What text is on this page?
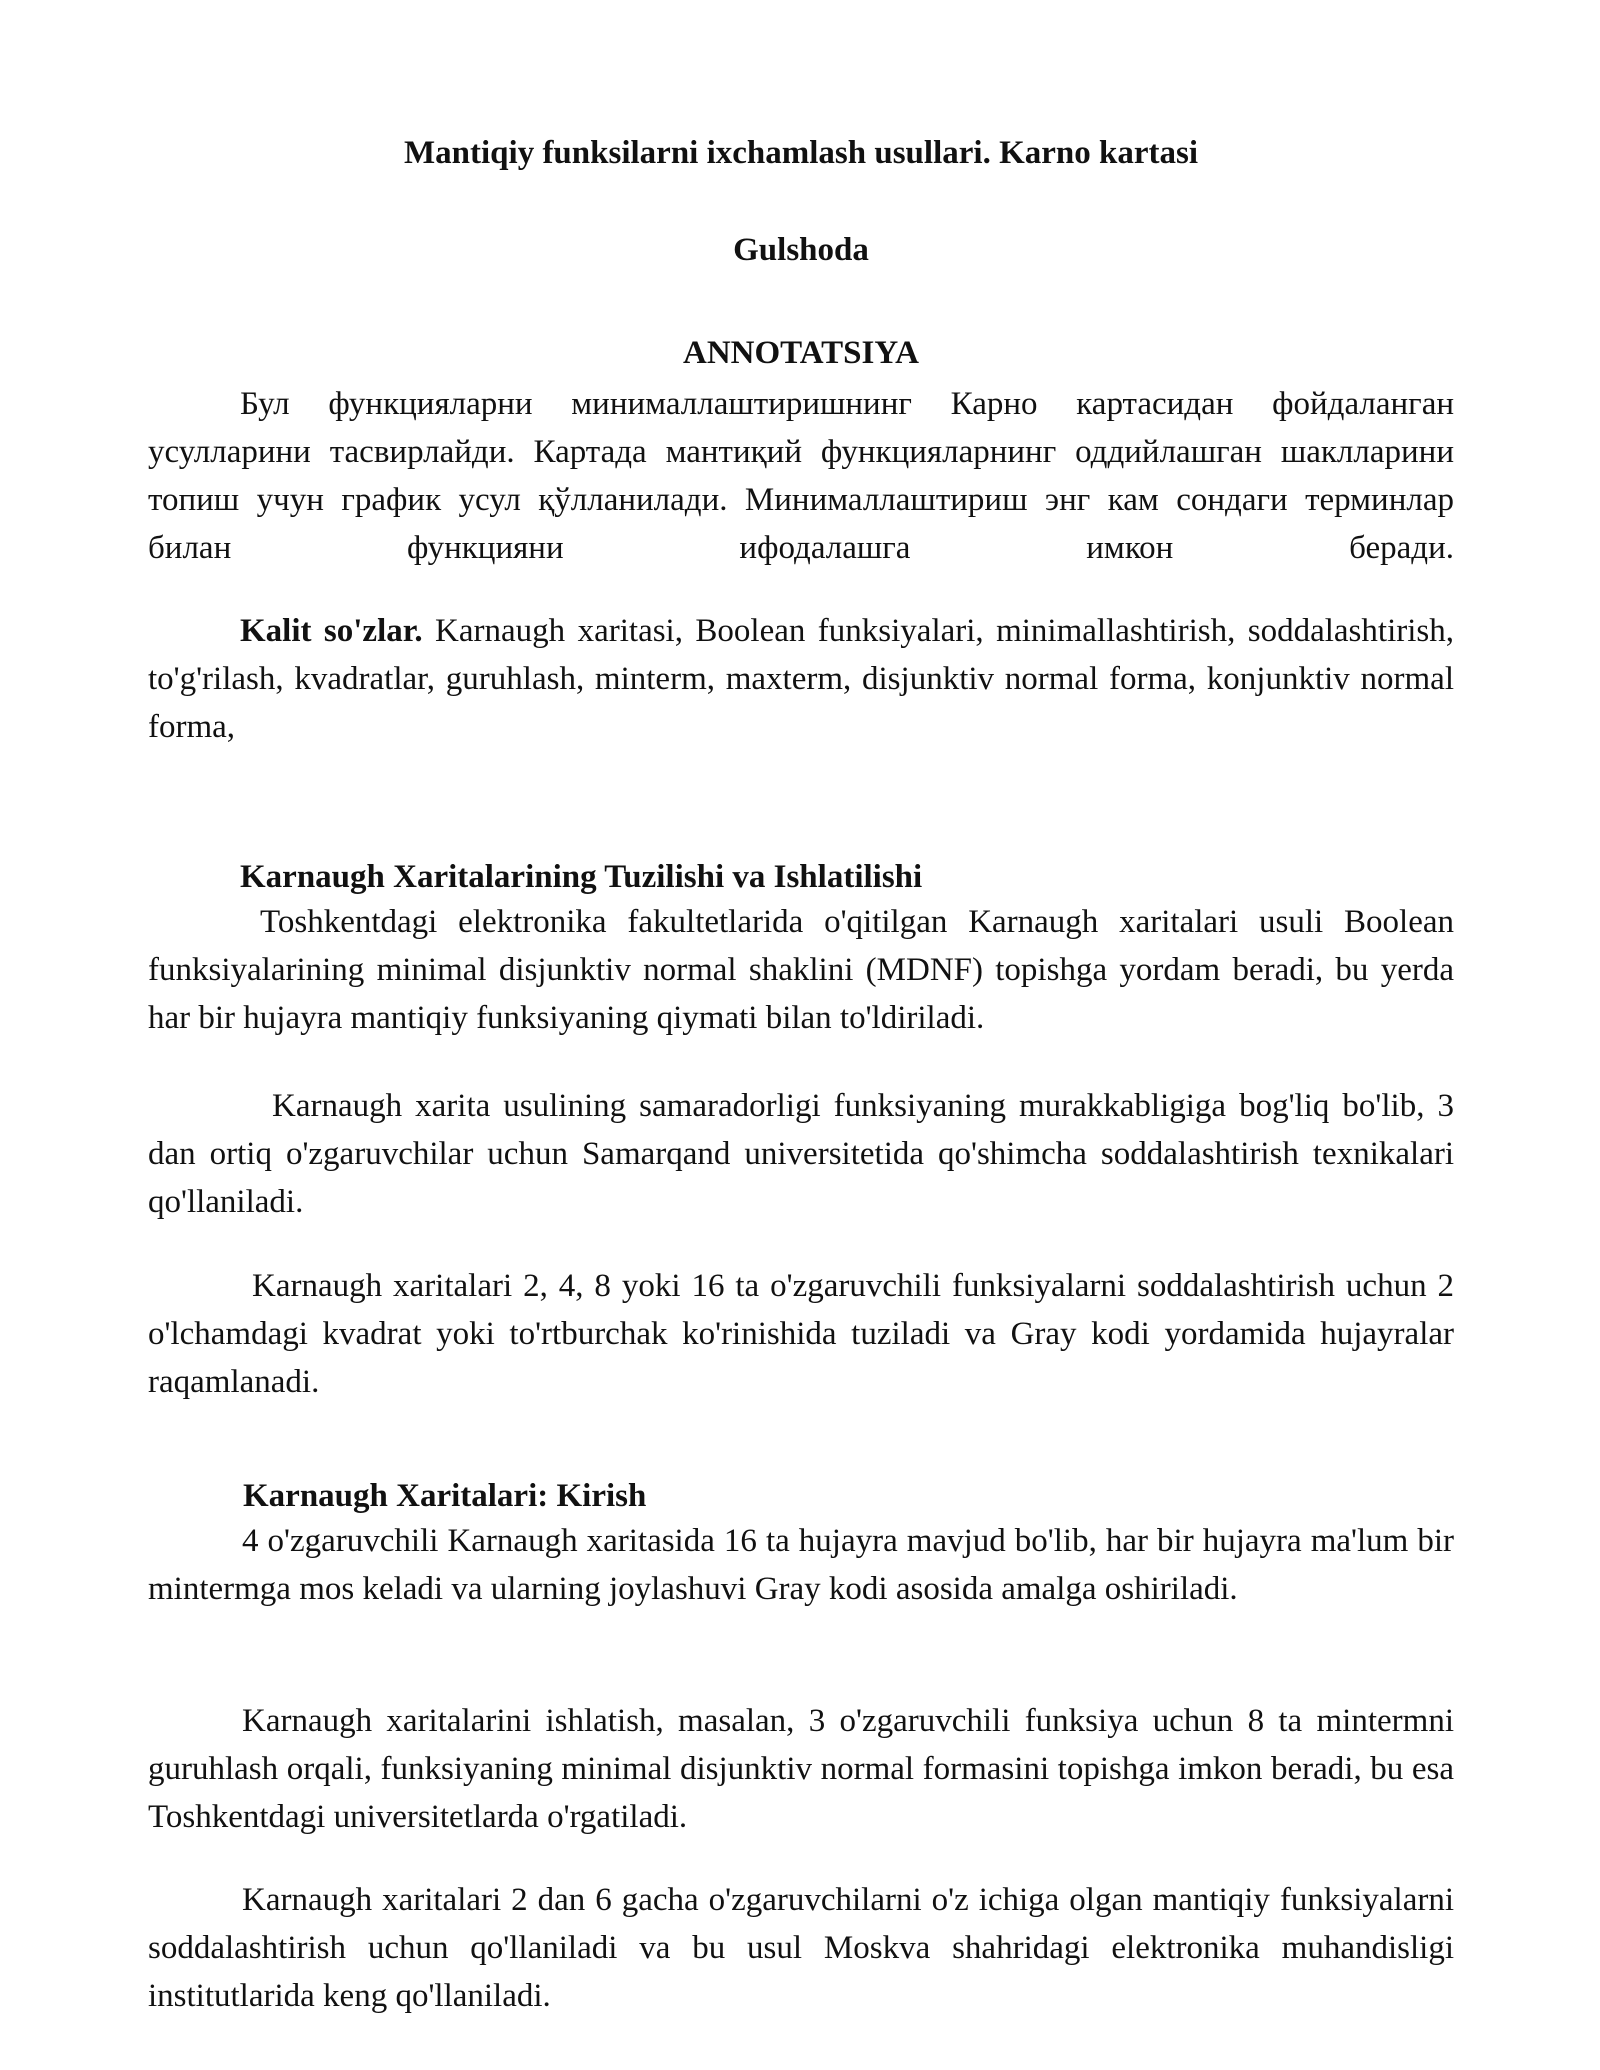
Mantiqiy funksilarni ixchamlash usullari. Karno kartasi
Gulshoda
ANNOTATSIYA

Бул функцияларни минималлаштиришнинг Карно картасидан фойдаланган усулларини тасвирлайди. Картада мантиқий функцияларнинг оддийлашган шаклларини топиш учун график усул қўлланилади. Минималлаштириш энг кам сондаги терминлар билан функцияни ифодалашга имкон беради.

Kalit so'zlar. Karnaugh xaritasi, Boolean funksiyalari, minimallashtirish, soddalashtirish, to'g'rilash, kvadratlar, guruhlash, minterm, maxterm, disjunktiv normal forma, konjunktiv normal forma,

Karnaugh Xaritalarining Tuzilishi va Ishlatilishi

Toshkentdagi elektronika fakultetlarida o'qitilgan Karnaugh xaritalari usuli Boolean funksiyalarining minimal disjunktiv normal shaklini (MDNF) topishga yordam beradi, bu yerda har bir hujayra mantiqiy funksiyaning qiymati bilan to'ldiriladi.

Karnaugh xarita usulining samaradorligi funksiyaning murakkabligiga bog'liq bo'lib, 3 dan ortiq o'zgaruvchilar uchun Samarqand universitetida qo'shimcha soddalashtirish texnikalari qo'llaniladi.

Karnaugh xaritalari 2, 4, 8 yoki 16 ta o'zgaruvchili funksiyalarni soddalashtirish uchun 2 o'lchamdagi kvadrat yoki to'rtburchak ko'rinishida tuziladi va Gray kodi yordamida hujayralar raqamlanadi.

Karnaugh Xaritalari: Kirish

4 o'zgaruvchili Karnaugh xaritasida 16 ta hujayra mavjud bo'lib, har bir hujayra ma'lum bir mintermga mos keladi va ularning joylashuvi Gray kodi asosida amalga oshiriladi.

Karnaugh xaritalarini ishlatish, masalan, 3 o'zgaruvchili funksiya uchun 8 ta mintermni guruhlash orqali, funksiyaning minimal disjunktiv normal formasini topishga imkon beradi, bu esa Toshkentdagi universitetlarda o'rgatiladi.

Karnaugh xaritalari 2 dan 6 gacha o'zgaruvchilarni o'z ichiga olgan mantiqiy funksiyalarni soddalashtirish uchun qo'llaniladi va bu usul Moskva shahridagi elektronika muhandisligi institutlarida keng qo'llaniladi.
